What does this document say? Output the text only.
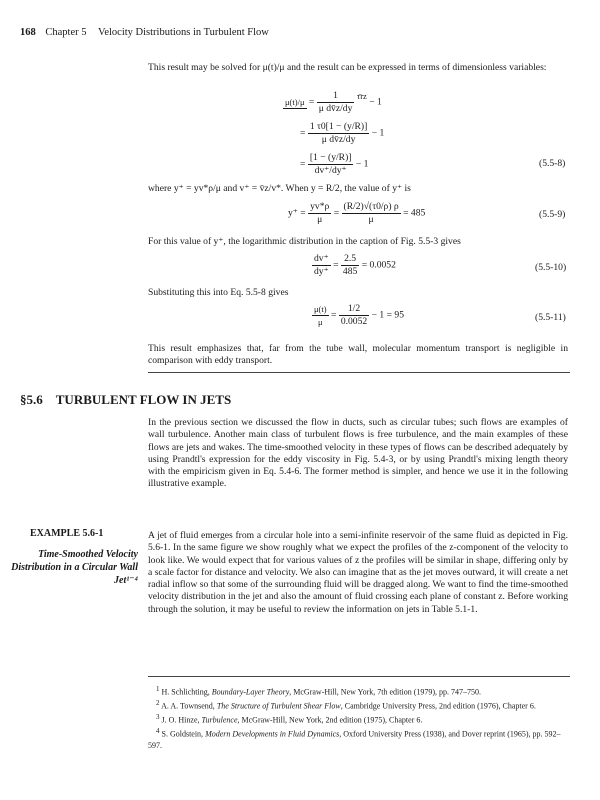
168 Chapter 5 Velocity Distributions in Turbulent Flow
This result may be solved for μ(t)/μ and the result can be expressed in terms of dimensionless variables:
$\mu(t)/\mu = \frac{1}{\text{μ dv̄z/dy}}$ τ̄rz − 1
= $\frac{1 \tau 0[1 - (y/R)]}{\text{μ dv̄z/dy}} - 1$
= $\frac{[1 - (y/R)]}{dv^+/dy^+} - 1$	(5.5-8)
where y⁺ = yv*ρ/μ and v⁺ = v̄z/v*. When y = R/2, the value of y⁺ is
$y^+ = \frac{yv*\rho}{\mu} = \frac{(R/2)√(\tau 0/\rho) \rho}{\mu} = 485$	(5.5-9)
For this value of y⁺, the logarithmic distribution in the caption of Fig. 5.5-3 gives
$\frac{dv^+}{dy^+} = \frac{2.5}{485} = 0.0052$	(5.5-10)
Substituting this into Eq. 5.5-8 gives
$\frac{\mu(t)}{\mu} = \frac{1/2}{0.0052} - 1 = 95$	(5.5-11)
This result emphasizes that, far from the tube wall, molecular momentum transport is negligible in comparison with eddy transport.
§5.6 TURBULENT FLOW IN JETS
In the previous section we discussed the flow in ducts, such as circular tubes; such flows are examples of wall turbulence. Another main class of turbulent flows is free turbulence, and the main examples of these flows are jets and wakes. The time-smoothed velocity in these types of flows can be described adequately by using Prandtl's expression for the eddy viscosity in Fig. 5.4-3, or by using Prandtl's mixing length theory with the empiricism given in Eq. 5.4-6. The former method is simpler, and hence we use it in the following illustrative example.
EXAMPLE 5.6-1
Time-Smoothed Velocity Distribution in a Circular Wall Jet¹⁻⁴
A jet of fluid emerges from a circular hole into a semi-infinite reservoir of the same fluid as depicted in Fig. 5.6-1. In the same figure we show roughly what we expect the profiles of the z-component of the velocity to look like. We would expect that for various values of z the profiles will be similar in shape, differing only by a scale factor for distance and velocity. We also can imagine that as the jet moves outward, it will create a net radial inflow so that some of the surrounding fluid will be dragged along. We want to find the time-smoothed velocity distribution in the jet and also the amount of fluid crossing each plane of constant z. Before working through the solution, it may be useful to review the information on jets in Table 5.1-1.

$^1$ H. Schlichting, Boundary-Layer Theory, McGraw-Hill, New York, 7th edition (1979), pp. 747–750.

$^2$ A. A. Townsend, The Structure of Turbulent Shear Flow, Cambridge University Press, 2nd edition (1976), Chapter 6.

$^3$ J. O. Hinze, Turbulence, McGraw-Hill, New York, 2nd edition (1975), Chapter 6.

$^4$ S. Goldstein, Modern Developments in Fluid Dynamics, Oxford University Press (1938), and Dover reprint (1965), pp. 592–597.
